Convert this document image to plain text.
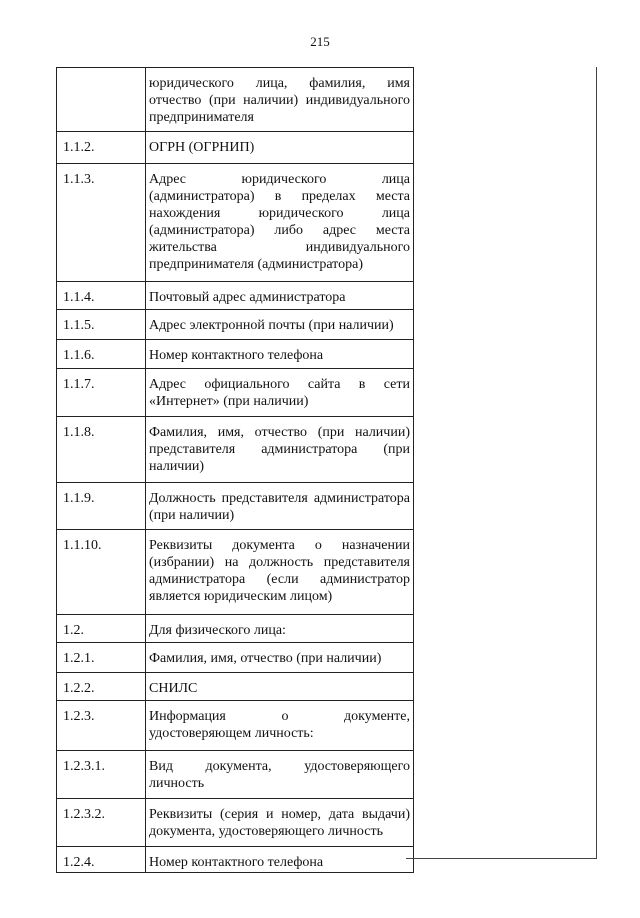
215

	юридического лица, фамилия, имя отчество (при наличии) индивидуального предпринимателя

1.1.2.	ОГРН (ОГРНИП)

1.1.3.	Адрес юридического лица (администратора) в пределах места нахождения юридического лица (администратора) либо адрес места жительства индивидуального предпринимателя (администратора)

1.1.4.	Почтовый адрес администратора

1.1.5.	Адрес электронной почты (при наличии)

1.1.6.	Номер контактного телефона

1.1.7.	Адрес официального сайта в сети «Интернет» (при наличии)

1.1.8.	Фамилия, имя, отчество (при наличии) представителя администратора (при наличии)

1.1.9.	Должность представителя администратора (при наличии)

1.1.10.	Реквизиты документа о назначении (избрании) на должность представителя администратора (если администратор является юридическим лицом)

1.2.	Для физического лица:

1.2.1.	Фамилия, имя, отчество (при наличии)

1.2.2.	СНИЛС

1.2.3.	Информация о документе, удостоверяющем личность:

1.2.3.1.	Вид документа, удостоверяющего личность

1.2.3.2.	Реквизиты (серия и номер, дата выдачи) документа, удостоверяющего личность

1.2.4.	Номер контактного телефона
